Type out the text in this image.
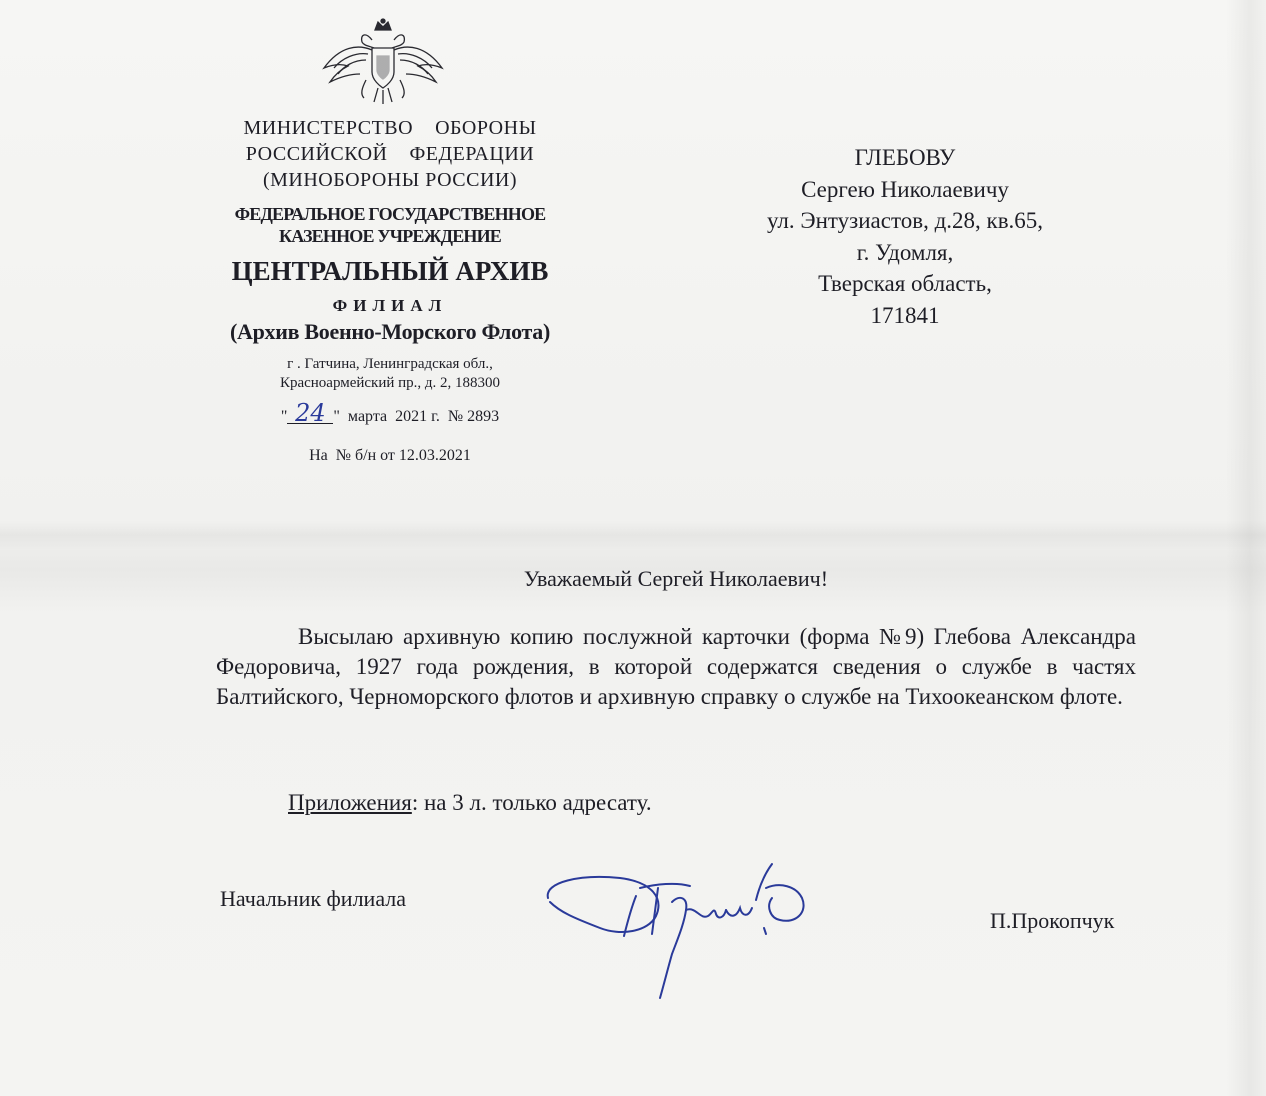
МИНИСТЕРСТВО    ОБОРОНЫ
РОССИЙСКОЙ    ФЕДЕРАЦИИ
(МИНОБОРОНЫ РОССИИ)
ФЕДЕРАЛЬНОЕ ГОСУДАРСТВЕННОЕ
КАЗЕННОЕ УЧРЕЖДЕНИЕ
ЦЕНТРАЛЬНЫЙ АРХИВ
ФИЛИАЛ
(Архив Военно-Морского Флота)
г . Гатчина, Ленинградская обл.,
Красноармейский пр., д. 2, 188300
" 24 "  марта  2021 г.  № 2893
На  № б/н от 12.03.2021
ГЛЕБОВУ
Сергею Николаевичу
ул. Энтузиастов, д.28, кв.65,
г. Удомля,
Тверская область,
171841
Уважаемый Сергей Николаевич!
Высылаю архивную копию послужной карточки (форма №9) Глебова Александра Федоровича, 1927 года рождения, в которой содержатся сведения о службе в частях Балтийского, Черноморского флотов и архивную справку о службе на Тихоокеанском флоте.
Приложения: на 3 л. только адресату.
Начальник филиала
П.Прокопчук
